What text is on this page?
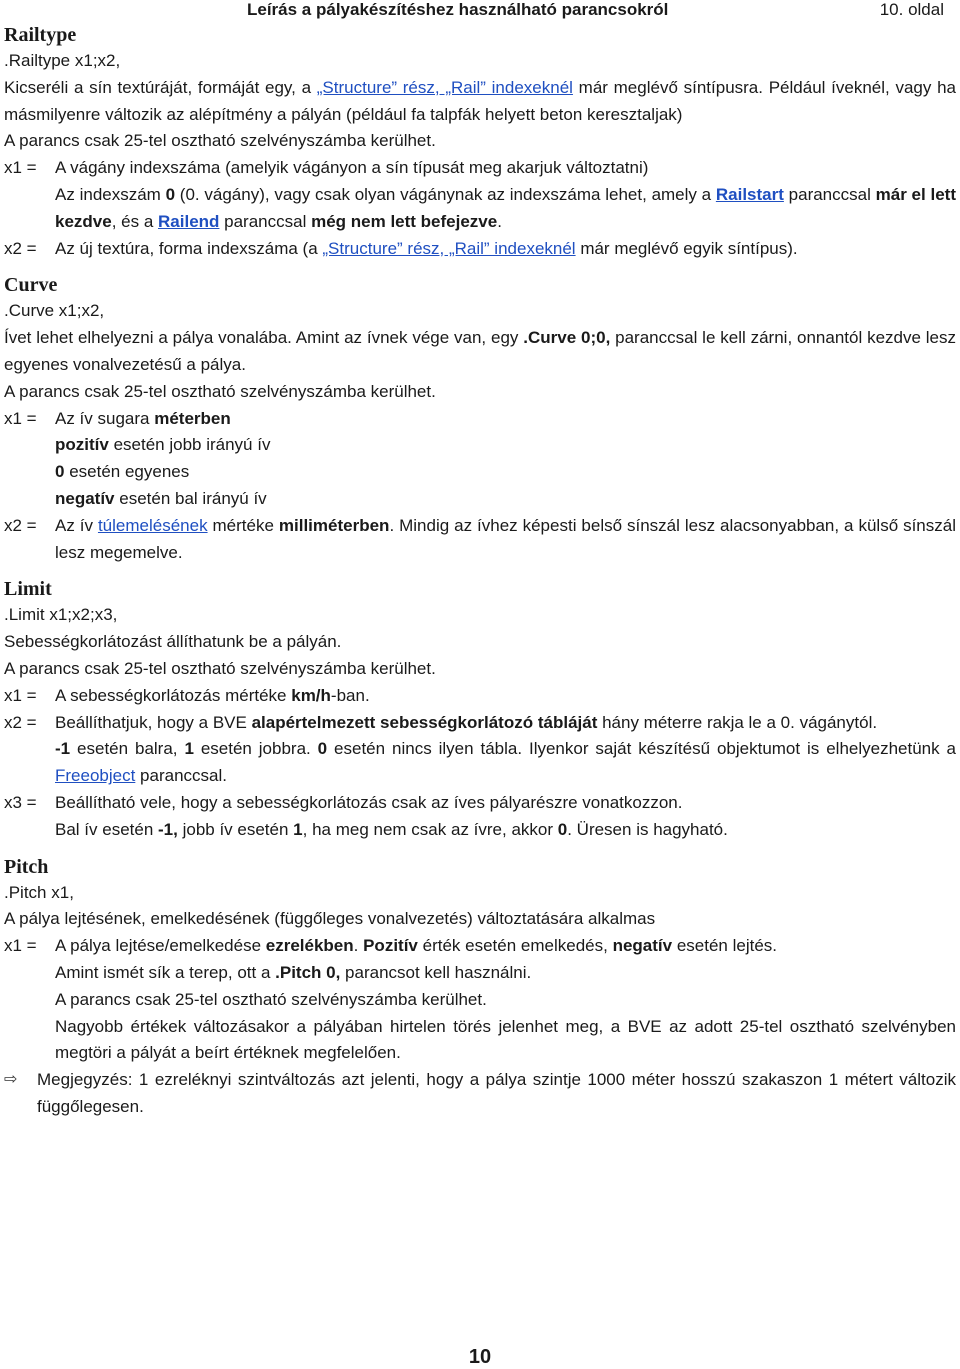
Leírás a pályakészítéshez használható parancsokról	10. oldal
Railtype

.Railtype x1;x2,

Kicseréli a sín textúráját, formáját egy, a „Structure” rész, „Rail” indexeknél már meglévő síntípusra. Például íveknél, vagy ha másmilyenre változik az alépítmény a pályán (például fa talpfák helyett beton keresztaljak)

A parancs csak 25-tel osztható szelvényszámba kerülhet.

x1 =	A vágány indexszáma (amelyik vágányon a sín típusát meg akarjuk változtatni)

Az indexszám 0 (0. vágány), vagy csak olyan vágánynak az indexszáma lehet, amely a Railstart paranccsal már el lett kezdve, és a Railend paranccsal még nem lett befejezve.

x2 =	Az új textúra, forma indexszáma (a „Structure” rész, „Rail” indexeknél már meglévő egyik síntípus).
Curve

.Curve x1;x2,

Ívet lehet elhelyezni a pálya vonalába. Amint az ívnek vége van, egy .Curve 0;0, paranccsal le kell zárni, onnantól kezdve lesz egyenes vonalvezetésű a pálya.

A parancs csak 25-tel osztható szelvényszámba kerülhet.

x1 =	Az ív sugara méterben

pozitív esetén jobb irányú ív

0 esetén egyenes

negatív esetén bal irányú ív

x2 =	Az ív túlemelésének mértéke milliméterben. Mindig az ívhez képesti belső sínszál lesz alacsonyabban, a külső sínszál lesz megemelve.
Limit

.Limit x1;x2;x3,

Sebességkorlátozást állíthatunk be a pályán.

A parancs csak 25-tel osztható szelvényszámba kerülhet.

x1 =	A sebességkorlátozás mértéke km/h-ban.
x2 =	Beállíthatjuk, hogy a BVE alapértelmezett sebességkorlátozó tábláját hány méterre rakja le a 0. vágánytól.

-1 esetén balra, 1 esetén jobbra. 0 esetén nincs ilyen tábla. Ilyenkor saját készítésű objektumot is elhelyezhetünk a Freeobject paranccsal.

x3 =	Beállítható vele, hogy a sebességkorlátozás csak az íves pályarészre vonatkozzon.

Bal ív esetén -1, jobb ív esetén 1, ha meg nem csak az ívre, akkor 0. Üresen is hagyható.

Pitch

.Pitch x1,

A pálya lejtésének, emelkedésének (függőleges vonalvezetés) változtatására alkalmas

x1 =	A pálya lejtése/emelkedése ezrelékben. Pozitív érték esetén emelkedés, negatív esetén lejtés.

Amint ismét sík a terep, ott a .Pitch 0, parancsot kell használni.

A parancs csak 25-tel osztható szelvényszámba kerülhet.

Nagyobb értékek változásakor a pályában hirtelen törés jelenhet meg, a BVE az adott 25-tel osztható szelvényben megtöri a pályát a beírt értéknek megfelelően.

⇨	Megjegyzés: 1 ezreléknyi szintváltozás azt jelenti, hogy a pálya szintje 1000 méter hosszú szakaszon 1 métert változik függőlegesen.
10
